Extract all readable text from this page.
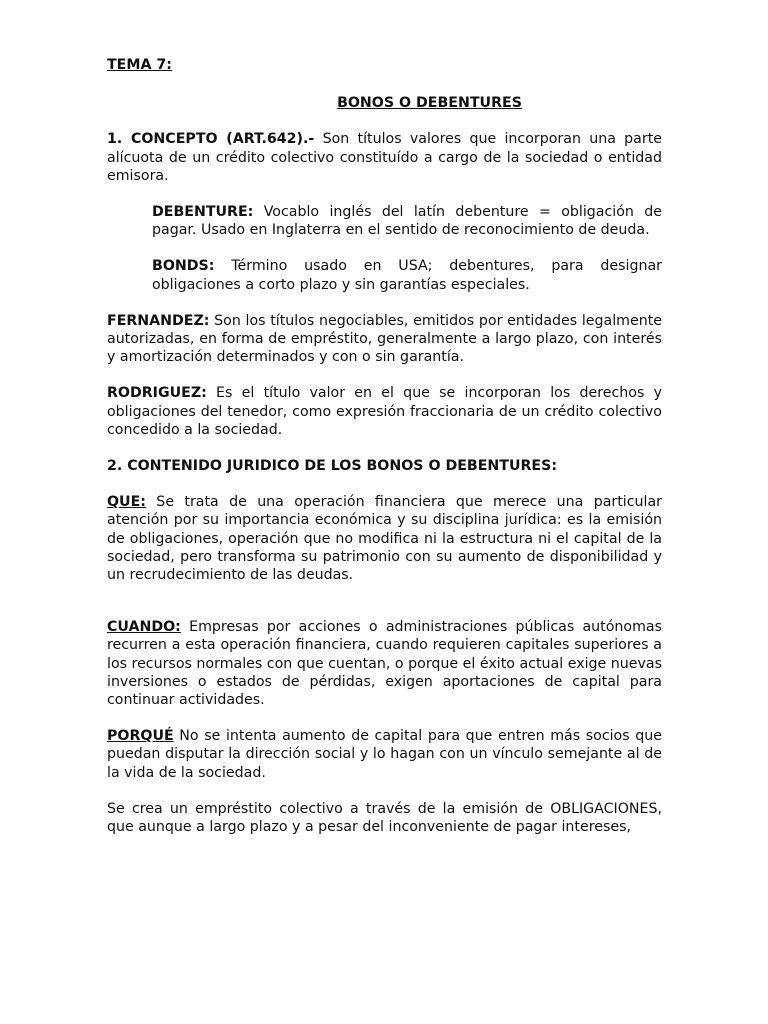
TEMA 7:
BONOS O DEBENTURES

1. CONCEPTO (ART.642).- Son títulos valores que incorporan una parte alícuota de un crédito colectivo constituído a cargo de la sociedad o entidad emisora.

DEBENTURE: Vocablo inglés del latín debenture = obligación de pagar. Usado en Inglaterra en el sentido de reconocimiento de deuda.

BONDS: Término usado en USA; debentures, para designar obligaciones a corto plazo y sin garantías especiales.

FERNANDEZ: Son los títulos negociables, emitidos por entidades legalmente autorizadas, en forma de empréstito, generalmente a largo plazo, con interés y amortización determinados y con o sin garantía.

RODRIGUEZ: Es el título valor en el que se incorporan los derechos y obligaciones del tenedor, como expresión fraccionaria de un crédito colectivo concedido a la sociedad.

2. CONTENIDO JURIDICO DE LOS BONOS O DEBENTURES:

QUE: Se trata de una operación financiera que merece una particular atención por su importancia económica y su disciplina jurídica: es la emisión de obligaciones, operación que no modifica ni la estructura ni el capital de la sociedad, pero transforma su patrimonio con su aumento de disponibilidad y un recrudecimiento de las deudas.

CUANDO: Empresas por acciones o administraciones públicas autónomas recurren a esta operación financiera, cuando requieren capitales superiores a los recursos normales con que cuentan, o porque el éxito actual exige nuevas inversiones o estados de pérdidas, exigen aportaciones de capital para continuar actividades.

PORQUÉ No se intenta aumento de capital para que entren más socios que puedan disputar la dirección social y lo hagan con un vínculo semejante al de la vida de la sociedad.

Se crea un empréstito colectivo a través de la emisión de OBLIGACIONES, que aunque a largo plazo y a pesar del inconveniente de pagar intereses,
